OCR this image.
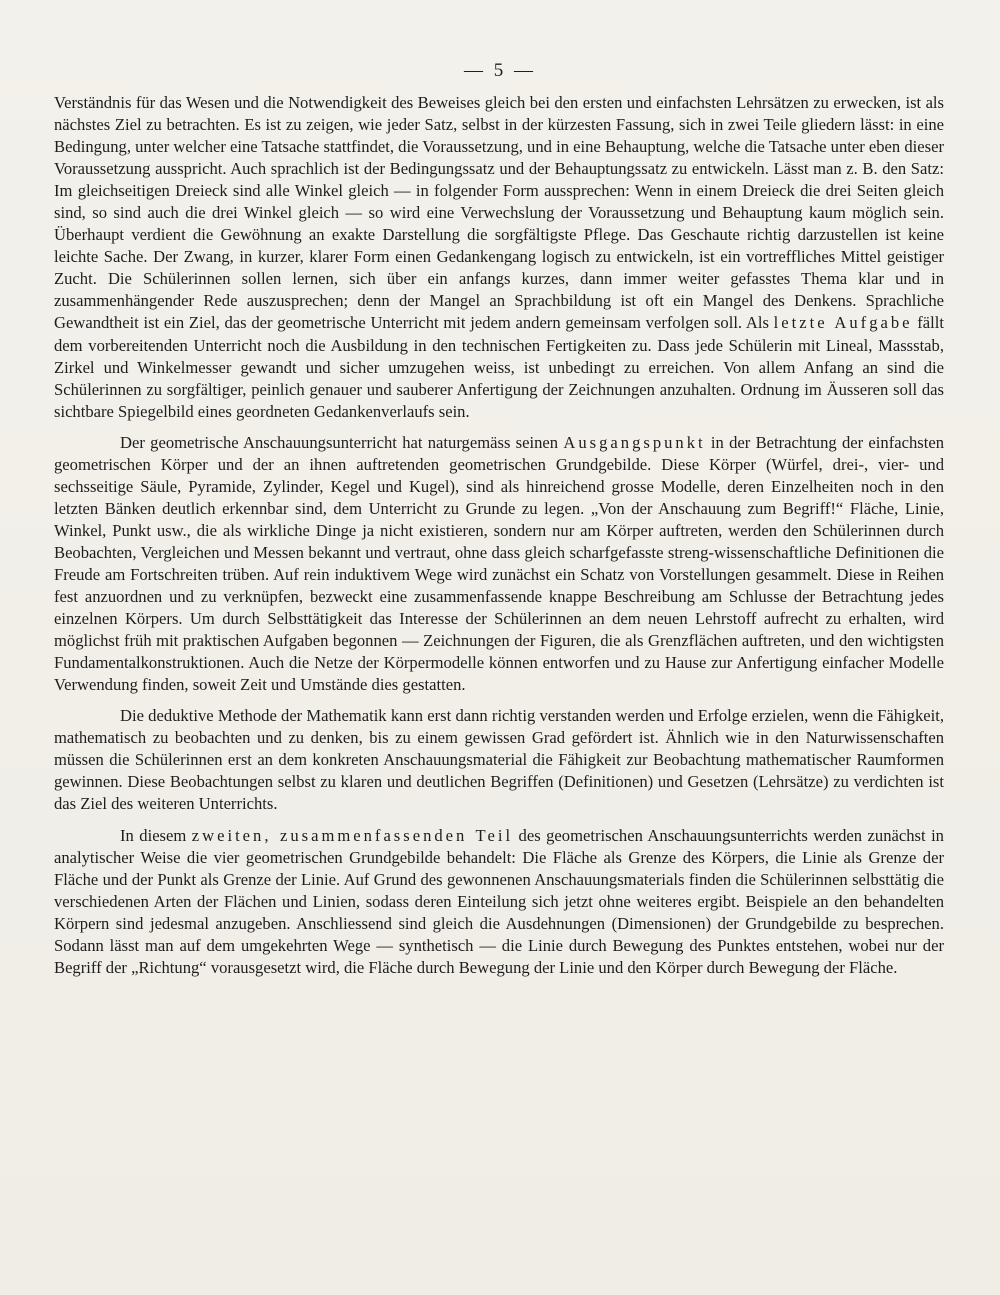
— 5 —

Verständnis für das Wesen und die Notwendigkeit des Beweises gleich bei den ersten und einfachsten Lehrsätzen zu erwecken, ist als nächstes Ziel zu betrachten. Es ist zu zeigen, wie jeder Satz, selbst in der kürzesten Fassung, sich in zwei Teile gliedern lässt: in eine Bedingung, unter welcher eine Tatsache stattfindet, die Voraussetzung, und in eine Behauptung, welche die Tatsache unter eben dieser Voraussetzung ausspricht. Auch sprachlich ist der Bedingungssatz und der Behauptungssatz zu entwickeln. Lässt man z. B. den Satz: Im gleichseitigen Dreieck sind alle Winkel gleich — in folgender Form aussprechen: Wenn in einem Dreieck die drei Seiten gleich sind, so sind auch die drei Winkel gleich — so wird eine Verwechslung der Voraussetzung und Behauptung kaum möglich sein. Überhaupt verdient die Gewöhnung an exakte Darstellung die sorgfältigste Pflege. Das Geschaute richtig darzustellen ist keine leichte Sache. Der Zwang, in kurzer, klarer Form einen Gedankengang logisch zu entwickeln, ist ein vortreffliches Mittel geistiger Zucht. Die Schülerinnen sollen lernen, sich über ein anfangs kurzes, dann immer weiter gefasstes Thema klar und in zusammenhängender Rede auszusprechen; denn der Mangel an Sprachbildung ist oft ein Mangel des Denkens. Sprachliche Gewandtheit ist ein Ziel, das der geometrische Unterricht mit jedem andern gemeinsam verfolgen soll. Als letzte Aufgabe fällt dem vorbereitenden Unterricht noch die Ausbildung in den technischen Fertigkeiten zu. Dass jede Schülerin mit Lineal, Massstab, Zirkel und Winkelmesser gewandt und sicher umzugehen weiss, ist unbedingt zu erreichen. Von allem Anfang an sind die Schülerinnen zu sorgfältiger, peinlich genauer und sauberer Anfertigung der Zeichnungen anzuhalten. Ordnung im Äusseren soll das sichtbare Spiegelbild eines geordneten Gedankenverlaufs sein.

Der geometrische Anschauungsunterricht hat naturgemäss seinen Ausgangspunkt in der Betrachtung der einfachsten geometrischen Körper und der an ihnen auftretenden geometrischen Grundgebilde. Diese Körper (Würfel, drei-, vier- und sechsseitige Säule, Pyramide, Zylinder, Kegel und Kugel), sind als hinreichend grosse Modelle, deren Einzelheiten noch in den letzten Bänken deutlich erkennbar sind, dem Unterricht zu Grunde zu legen. „Von der Anschauung zum Begriff!“ Fläche, Linie, Winkel, Punkt usw., die als wirkliche Dinge ja nicht existieren, sondern nur am Körper auftreten, werden den Schülerinnen durch Beobachten, Vergleichen und Messen bekannt und vertraut, ohne dass gleich scharfgefasste streng-wissenschaftliche Definitionen die Freude am Fortschreiten trüben. Auf rein induktivem Wege wird zunächst ein Schatz von Vorstellungen gesammelt. Diese in Reihen fest anzuordnen und zu verknüpfen, bezweckt eine zusammenfassende knappe Beschreibung am Schlusse der Betrachtung jedes einzelnen Körpers. Um durch Selbsttätigkeit das Interesse der Schülerinnen an dem neuen Lehrstoff aufrecht zu erhalten, wird möglichst früh mit praktischen Aufgaben begonnen — Zeichnungen der Figuren, die als Grenzflächen auftreten, und den wichtigsten Fundamentalkonstruktionen. Auch die Netze der Körpermodelle können entworfen und zu Hause zur Anfertigung einfacher Modelle Verwendung finden, soweit Zeit und Umstände dies gestatten.

Die deduktive Methode der Mathematik kann erst dann richtig verstanden werden und Erfolge erzielen, wenn die Fähigkeit, mathematisch zu beobachten und zu denken, bis zu einem gewissen Grad gefördert ist. Ähnlich wie in den Naturwissenschaften müssen die Schülerinnen erst an dem konkreten Anschauungsmaterial die Fähigkeit zur Beobachtung mathematischer Raumformen gewinnen. Diese Beobachtungen selbst zu klaren und deutlichen Begriffen (Definitionen) und Gesetzen (Lehrsätze) zu verdichten ist das Ziel des weiteren Unterrichts.

In diesem zweiten, zusammenfassenden Teil des geometrischen Anschauungsunterrichts werden zunächst in analytischer Weise die vier geometrischen Grundgebilde behandelt: Die Fläche als Grenze des Körpers, die Linie als Grenze der Fläche und der Punkt als Grenze der Linie. Auf Grund des gewonnenen Anschauungsmaterials finden die Schülerinnen selbsttätig die verschiedenen Arten der Flächen und Linien, sodass deren Einteilung sich jetzt ohne weiteres ergibt. Beispiele an den behandelten Körpern sind jedesmal anzugeben. Anschliessend sind gleich die Ausdehnungen (Dimensionen) der Grundgebilde zu besprechen. Sodann lässt man auf dem umgekehrten Wege — synthetisch — die Linie durch Bewegung des Punktes entstehen, wobei nur der Begriff der „Richtung“ vorausgesetzt wird, die Fläche durch Bewegung der Linie und den Körper durch Bewegung der Fläche.
